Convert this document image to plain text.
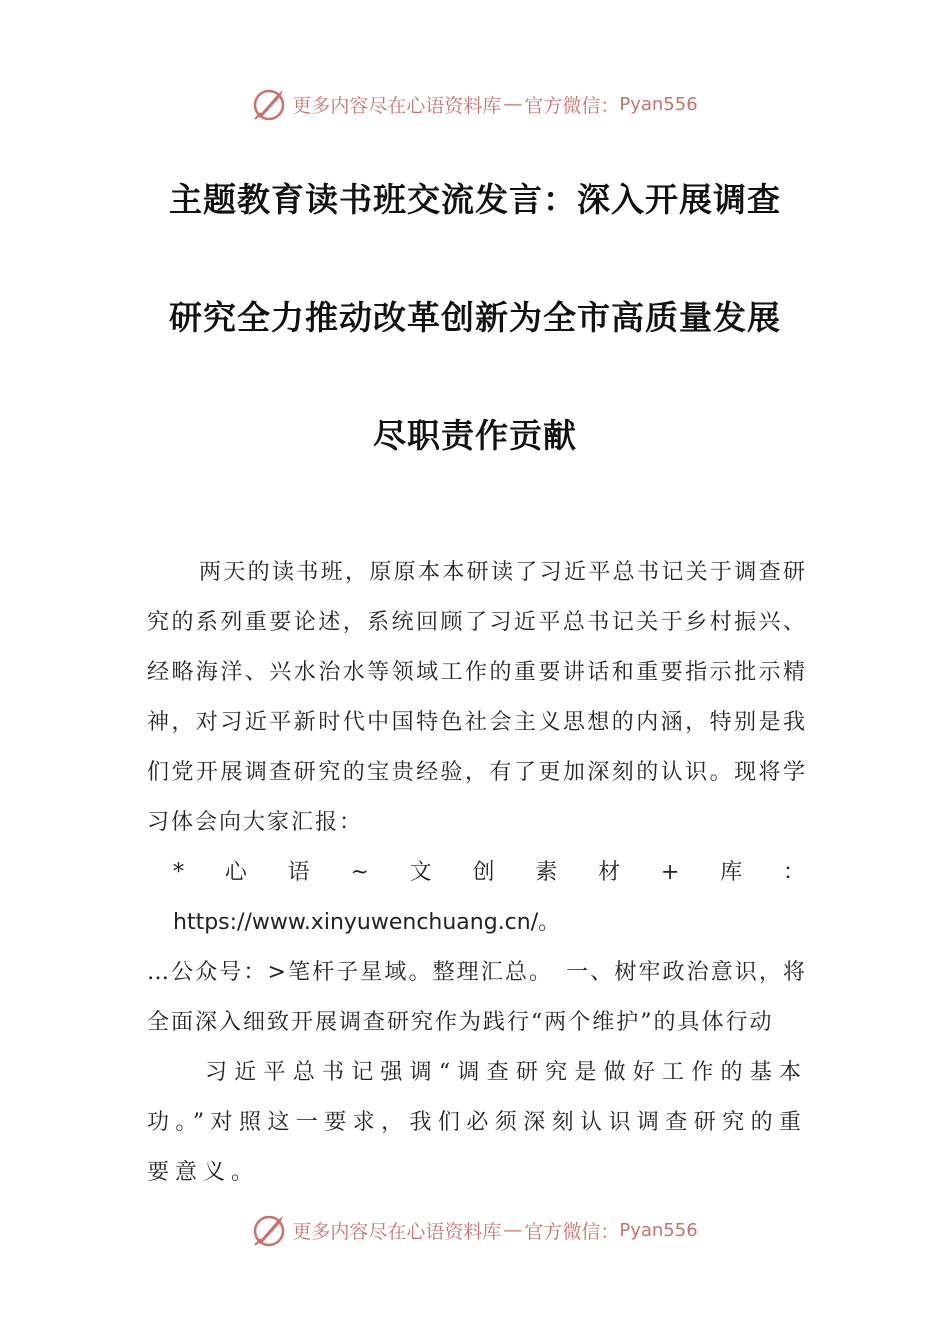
更多内容尽在心语资料库 — 官方微信： Pyan556
主题教育读书班交流发言：深入开展调查
研究全力推动改革创新为全市高质量发展
尽职责作贡献

两天的读书班，原原本本研读了习近平总书记关于调查研究的系列重要论述，系统回顾了习近平总书记关于乡村振兴、经略海洋、兴水治水等领域工作的重要讲话和重要指示批示精神，对习近平新时代中国特色社会主义思想的内涵，特别是我们党开展调查研究的宝贵经验，有了更加深刻的认识。现将学习体会向大家汇报：

*心语~文创素材+库：https://www.xinyuwenchuang.cn/。

…公众号：>笔杆子星域。整理汇总。　一、树牢政治意识，将全面深入细致开展调查研究作为践行“两个维护”的具体行动

习近平总书记强调“调查研究是做好工作的基本功。”对照这一要求，我们必须深刻认识调查研究的重要意义。

更多内容尽在心语资料库 — 官方微信： Pyan556
